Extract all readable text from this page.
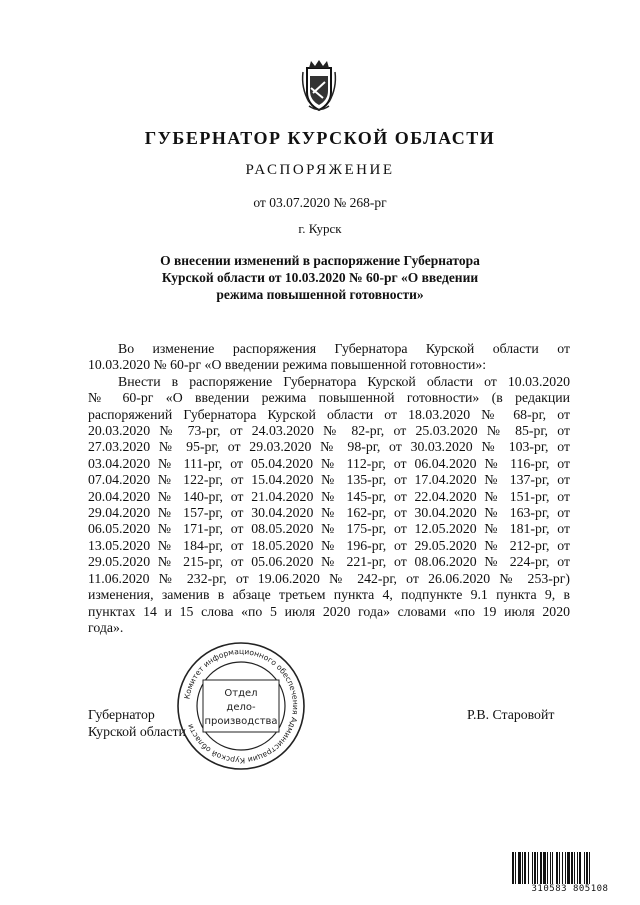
ГУБЕРНАТОР КУРСКОЙ ОБЛАСТИ
РАСПОРЯЖЕНИЕ
от 03.07.2020 № 268-рг
г. Курск
О внесении изменений в распоряжение Губернатора
Курской области от 10.03.2020 № 60-рг «О введении
режима повышенной готовности»
Во изменение распоряжения Губернатора Курской области от
10.03.2020 № 60-рг «О введении режима повышенной готовности»:
Внести в распоряжение Губернатора Курской области от 10.03.2020
№ 60-рг «О введении режима повышенной готовности» (в редакции
распоряжений Губернатора Курской области от 18.03.2020 № 68-рг, от
20.03.2020 № 73-рг, от 24.03.2020 № 82-рг, от 25.03.2020 № 85-рг, от
27.03.2020 № 95-рг, от 29.03.2020 № 98-рг, от 30.03.2020 № 103-рг, от
03.04.2020 № 111-рг, от 05.04.2020 № 112-рг, от 06.04.2020 № 116-рг, от
07.04.2020 № 122-рг, от 15.04.2020 № 135-рг, от 17.04.2020 № 137-рг, от
20.04.2020 № 140-рг, от 21.04.2020 № 145-рг, от 22.04.2020 № 151-рг, от
29.04.2020 № 157-рг, от 30.04.2020 № 162-рг, от 30.04.2020 № 163-рг, от
06.05.2020 № 171-рг, от 08.05.2020 № 175-рг, от 12.05.2020 № 181-рг, от
13.05.2020 № 184-рг, от 18.05.2020 № 196-рг, от 29.05.2020 № 212-рг, от
29.05.2020 № 215-рг, от 05.06.2020 № 221-рг, от 08.06.2020 № 224-рг, от
11.06.2020 № 232-рг, от 19.06.2020 № 242-рг, от 26.06.2020 № 253-рг)
изменения, заменив в абзаце третьем пункта 4, подпункте 9.1 пункта 9, в
пунктах 14 и 15 слова «по 5 июля 2020 года» словами «по 19 июля 2020
года».
Губернатор
Курской области
Р.В. Старовойт
Комитет информационного обеспечения Администрации Курской области
Отдел
дело-
производства
310583 805108
